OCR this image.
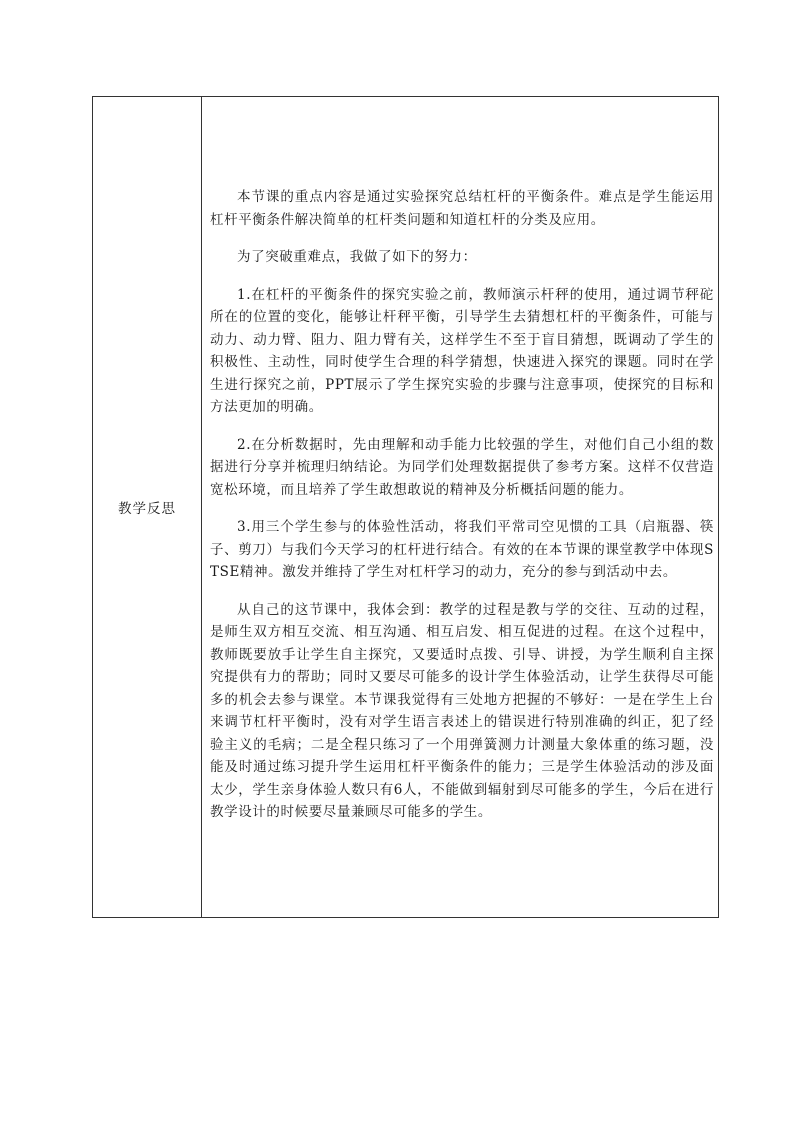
教学反思	

本节课的重点内容是通过实验探究总结杠杆的平衡条件。难点是学生能运用杠杆平衡条件解决简单的杠杆类问题和知道杠杆的分类及应用。

为了突破重难点，我做了如下的努力：

1.在杠杆的平衡条件的探究实验之前，教师演示杆秤的使用，通过调节秤砣所在的位置的变化，能够让杆秤平衡，引导学生去猜想杠杆的平衡条件，可能与动力、动力臂、阻力、阻力臂有关，这样学生不至于盲目猜想，既调动了学生的积极性、主动性，同时使学生合理的科学猜想，快速进入探究的课题。同时在学生进行探究之前，PPT展示了学生探究实验的步骤与注意事项，使探究的目标和方法更加的明确。

2.在分析数据时，先由理解和动手能力比较强的学生，对他们自己小组的数据进行分享并梳理归纳结论。为同学们处理数据提供了参考方案。这样不仅营造宽松环境，而且培养了学生敢想敢说的精神及分析概括问题的能力。

3.用三个学生参与的体验性活动，将我们平常司空见惯的工具（启瓶器、筷子、剪刀）与我们今天学习的杠杆进行结合。有效的在本节课的课堂教学中体现STSE精神。激发并维持了学生对杠杆学习的动力，充分的参与到活动中去。

从自己的这节课中，我体会到：教学的过程是教与学的交往、互动的过程，是师生双方相互交流、相互沟通、相互启发、相互促进的过程。在这个过程中，教师既要放手让学生自主探究，又要适时点拨、引导、讲授，为学生顺利自主探究提供有力的帮助；同时又要尽可能多的设计学生体验活动，让学生获得尽可能多的机会去参与课堂。本节课我觉得有三处地方把握的不够好：一是在学生上台来调节杠杆平衡时，没有对学生语言表述上的错误进行特别准确的纠正，犯了经验主义的毛病；二是全程只练习了一个用弹簧测力计测量大象体重的练习题，没能及时通过练习提升学生运用杠杆平衡条件的能力；三是学生体验活动的涉及面太少，学生亲身体验人数只有6人，不能做到辐射到尽可能多的学生，今后在进行教学设计的时候要尽量兼顾尽可能多的学生。
